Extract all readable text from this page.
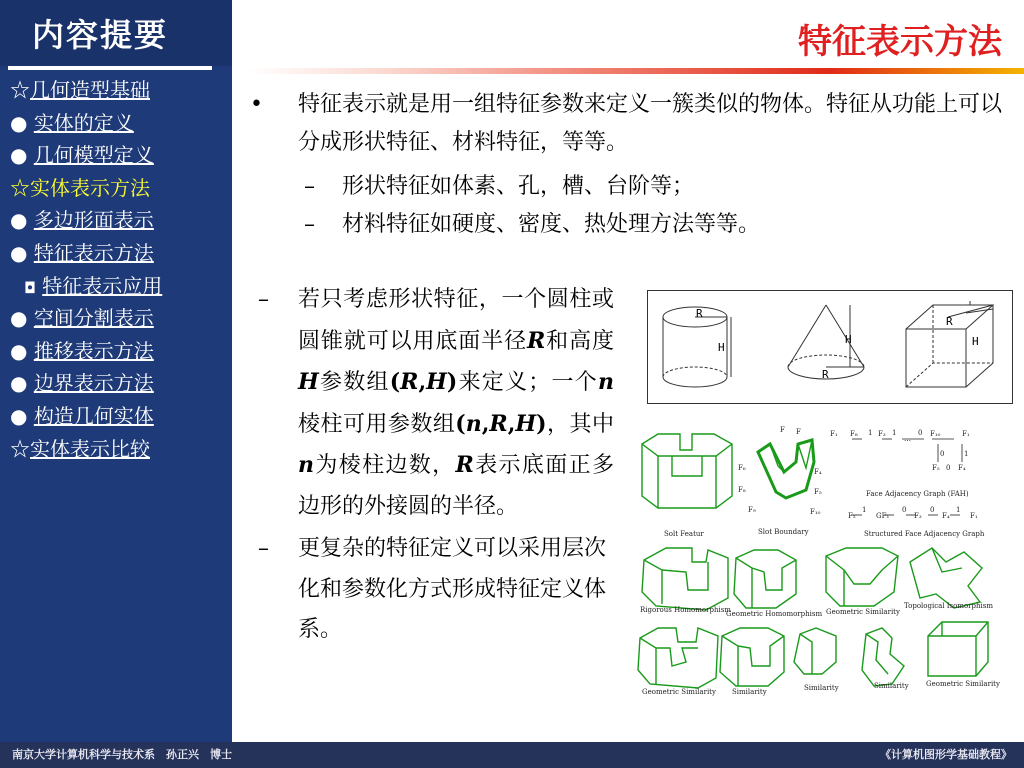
内容提要
☆几何造型基础
● 实体的定义
● 几何模型定义
☆实体表示方法
● 多边形面表示
● 特征表示方法
◘ 特征表示应用
● 空间分割表示
● 推移表示方法
● 边界表示方法
● 构造几何实体
☆实体表示比较
特征表示方法
• 特征表示就是用一组特征参数来定义一簇类似的物体。特征从功能上可以分成形状特征、材料特征，等等。
– 形状特征如体素、孔，槽、台阶等；
– 材料特征如硬度、密度、热处理方法等等。
– 若只考虑形状特征，一个圆柱或圆锥就可以用底面半径R和高度H参数组(R,H)来定义；一个n棱柱可用参数组(n,R,H)，其中n为棱柱边数，R表示底面正多边形的外接圆的半径。
– 更复杂的特征定义可以采用层次化和参数化方式形成特征定义体系。
R
H
H
R
R
H
F F	F₁
F₆
F₈
F₉
F₄
F₅
F₁₀
F₈ 1 F₃ 1
…
0 F₁₀	F₁
0	1
F₅ 0 F₄
Face Adjacency Graph (FAH)
F₂
1
GF₁
0
F₃
0
F₄
1
F₁
Solt Featur	Slot Boundary	Structured Face Adjacency Graph
Rigorous Homomorphism
Geometric Homomorphism Geometric Similarity
Topological Isomorphism
Geometric Similarity Similarity	Similarity	Similarity Geometric Similarity
南京大学计算机科学与技术系　孙正兴　博士	《计算机图形学基础教程》
